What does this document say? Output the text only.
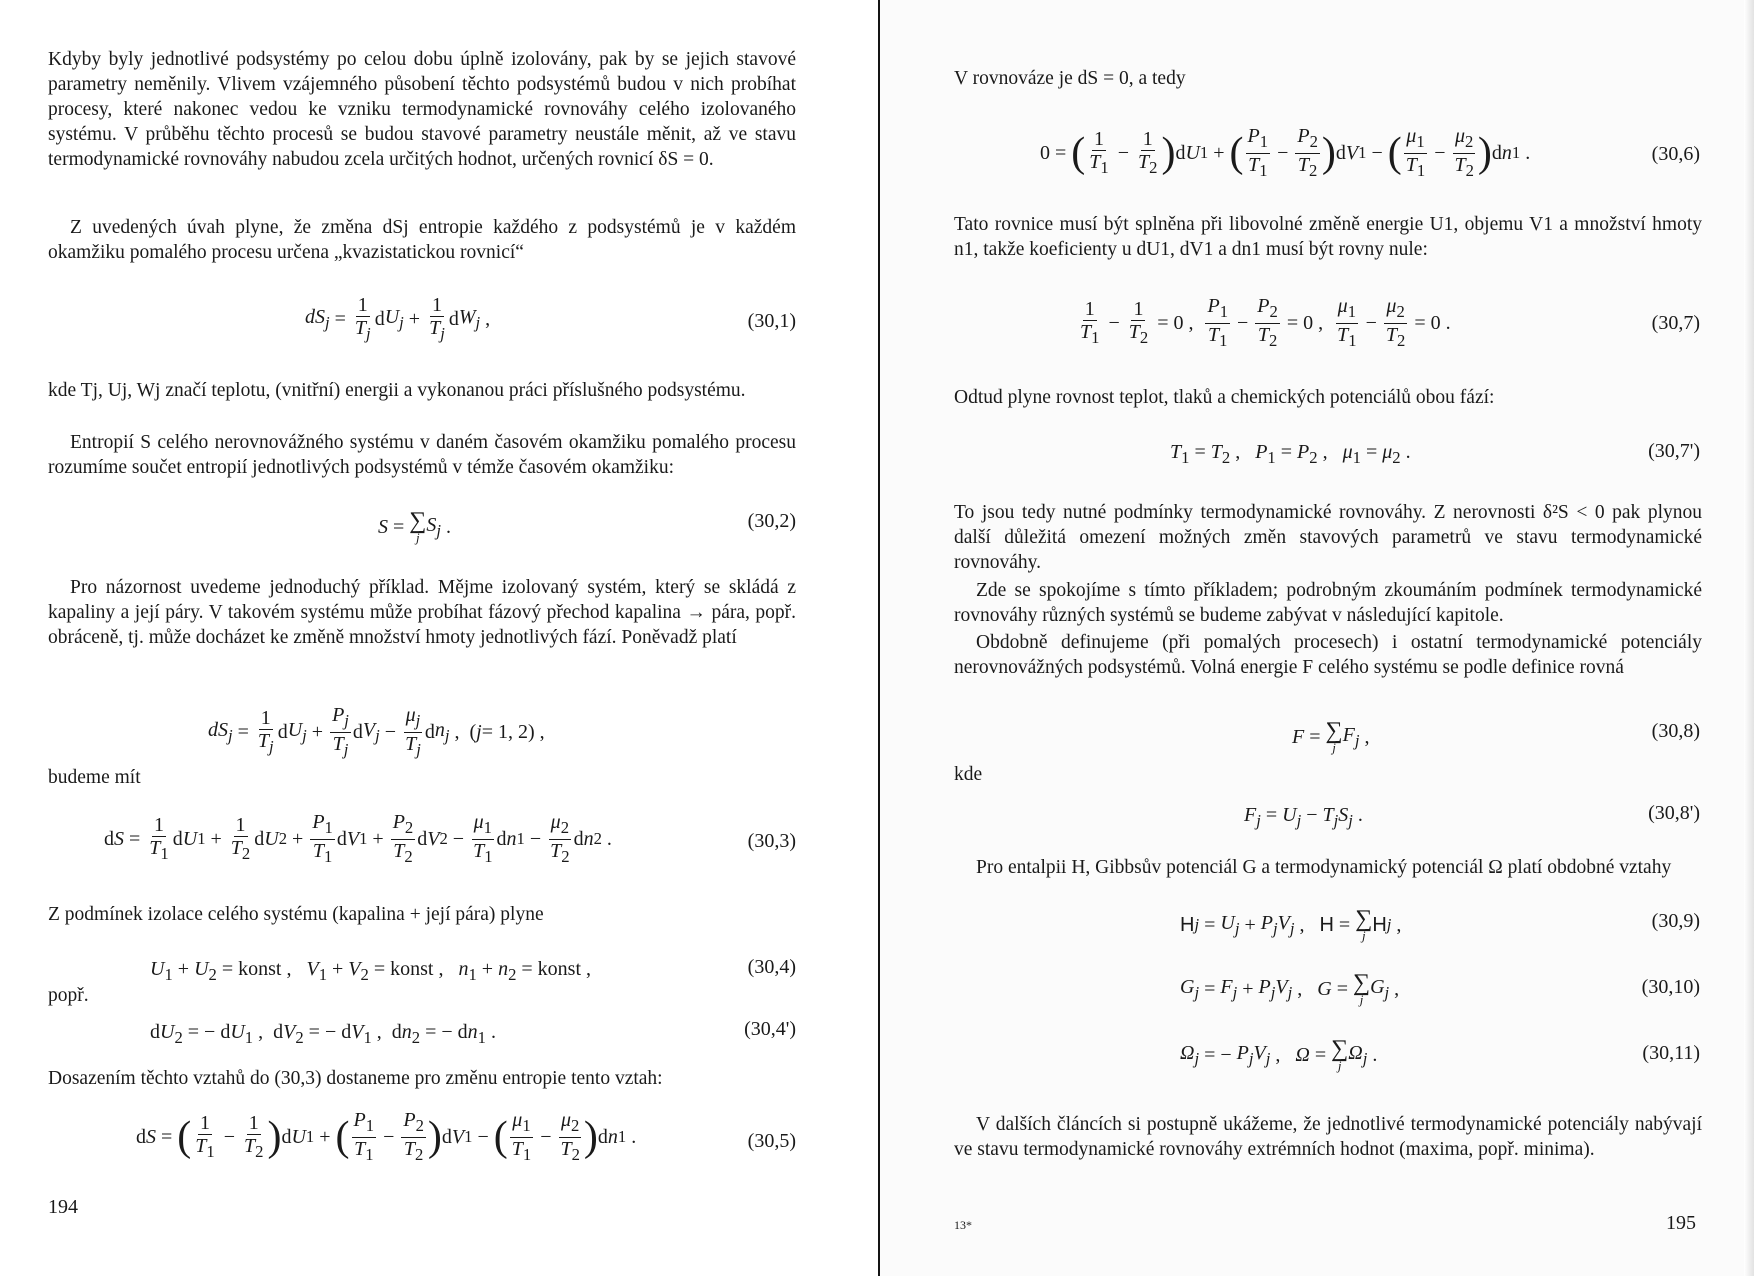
Kdyby byly jednotlivé podsystémy po celou dobu úplně izolovány, pak by se jejich stavové parametry neměnily. Vlivem vzájemného působení těchto podsystémů budou v nich probíhat procesy, které nakonec vedou ke vzniku termodynamické rovnováhy celého izolovaného systému. V průběhu těchto procesů se budou stavové parametry neustále měnit, až ve stavu termodynamické rovnováhy nabudou zcela určitých hodnot, určených rovnicí δS = 0.
Z uvedených úvah plyne, že změna dSj entropie každého z podsystémů je v každém okamžiku pomalého procesu určena „kvazistatickou rovnicí“
$dS_j$ =
1
$T_j$
d $U_j$ +
1
$T_j$
d $W_j$ ,	(30,1)
kde Tj, Uj, Wj značí teplotu, (vnitřní) energii a vykonanou práci příslušného podsystému.
Entropií S celého nerovnovážného systému v daném časovém okamžiku pomalého procesu rozumíme součet entropií jednotlivých podsystémů v témže časovém okamžiku:
S = ∑
j
$S_j$ .	(30,2)
Pro názornost uvedeme jednoduchý příklad. Mějme izolovaný systém, který se skládá z kapaliny a její páry. V takovém systému může probíhat fázový přechod kapalina → pára, popř. obráceně, tj. může docházet ke změně množství hmoty jednotlivých fází. Poněvadž platí
$dS_j$ =
1
$T_j$
d $U_j$ +
$P_j$
$T_j$
d $V_j$ −
$\mu_j$
$T_j$
d $n_j$ ,  ( j = 1, 2) ,
budeme mít
d S =
1
$T_1$
d U 1 +
1
$T_2$
d U 2 +
$P_1$
$T_1$
d V 1 +
$P_2$
$T_2$
d V 2 −
$\mu_1$
$T_1$
d n 1 −
$\mu_2$
$T_2$
d n 2 .	(30,3)
Z podmínek izolace celého systému (kapalina + její pára) plyne
$U_1 + U_2$ = konst ,   $V_1 + V_2$ = konst ,   $n_1 + n_2$ = konst ,	(30,4)
popř.
$dU_2$ = − $dU_1$ ,  $dV_2$ = − $dV_1$ ,  $dn_2$ = − $dn_1$ .	(30,4')
Dosazením těchto vztahů do (30,3) dostaneme pro změnu entropie tento vztah:
d S = ( 1
$T_1$
−
1
$T_2$ ) d U 1 + ( $P_1$
$T_1$
−
$P_2$
$T_2$ ) d V 1 − ( $\mu_1$
$T_1$
−
$\mu_2$
$T_2$ ) d n 1 .	(30,5)
194
V rovnováze je dS = 0, a tedy
0 = ( 1
$T_1$
−
1
$T_2$ ) d U 1 + ( $P_1$
$T_1$
−
$P_2$
$T_2$ ) d V 1 − ( $\mu_1$
$T_1$
−
$\mu_2$
$T_2$ ) d n 1 .	(30,6)
Tato rovnice musí být splněna při libovolné změně energie U1, objemu V1 a množství hmoty n1, takže koeficienty u dU1, dV1 a dn1 musí být rovny nule:
1
$T_1$
−
1
$T_2$
= 0 ,
$P_1$
$T_1$
−
$P_2$
$T_2$
= 0 ,
$\mu_1$
$T_1$
−
$\mu_2$
$T_2$
= 0 .	(30,7)
Odtud plyne rovnost teplot, tlaků a chemických potenciálů obou fází:
$T_1 = T_2$ ,   $P_1 = P_2$ ,   $\mu_1 = \mu_2$ .	(30,7')
To jsou tedy nutné podmínky termodynamické rovnováhy. Z nerovnosti δ²S < 0 pak plynou další důležitá omezení možných změn stavových parametrů ve stavu termodynamické rovnováhy.
Zde se spokojíme s tímto příkladem; podrobným zkoumáním podmínek termodynamické rovnováhy různých systémů se budeme zabývat v následující kapitole.
Obdobně definujeme (při pomalých procesech) i ostatní termodynamické potenciály nerovnovážných podsystémů. Volná energie F celého systému se podle definice rovná
F = ∑
j
$F_j$ ,	(30,8)
kde
$F_j = U_j - T_jS_j$ .	(30,8')
Pro entalpii H, Gibbsův potenciál G a termodynamický potenciál Ω platí obdobné vztahy
H $j = U_j + P_jV_j$ , H = ∑
j H j ,	(30,9)
$G_j = F_j + P_jV_j$ , G = ∑
j
$G_j$ ,	(30,10)
$\Omega_j$ = − $P_jV_j$ , Ω = ∑
j
$\Omega_j$ .	(30,11)
V dalších článcích si postupně ukážeme, že jednotlivé termodynamické potenciály nabývají ve stavu termodynamické rovnováhy extrémních hodnot (maxima, popř. minima).
13*	195
